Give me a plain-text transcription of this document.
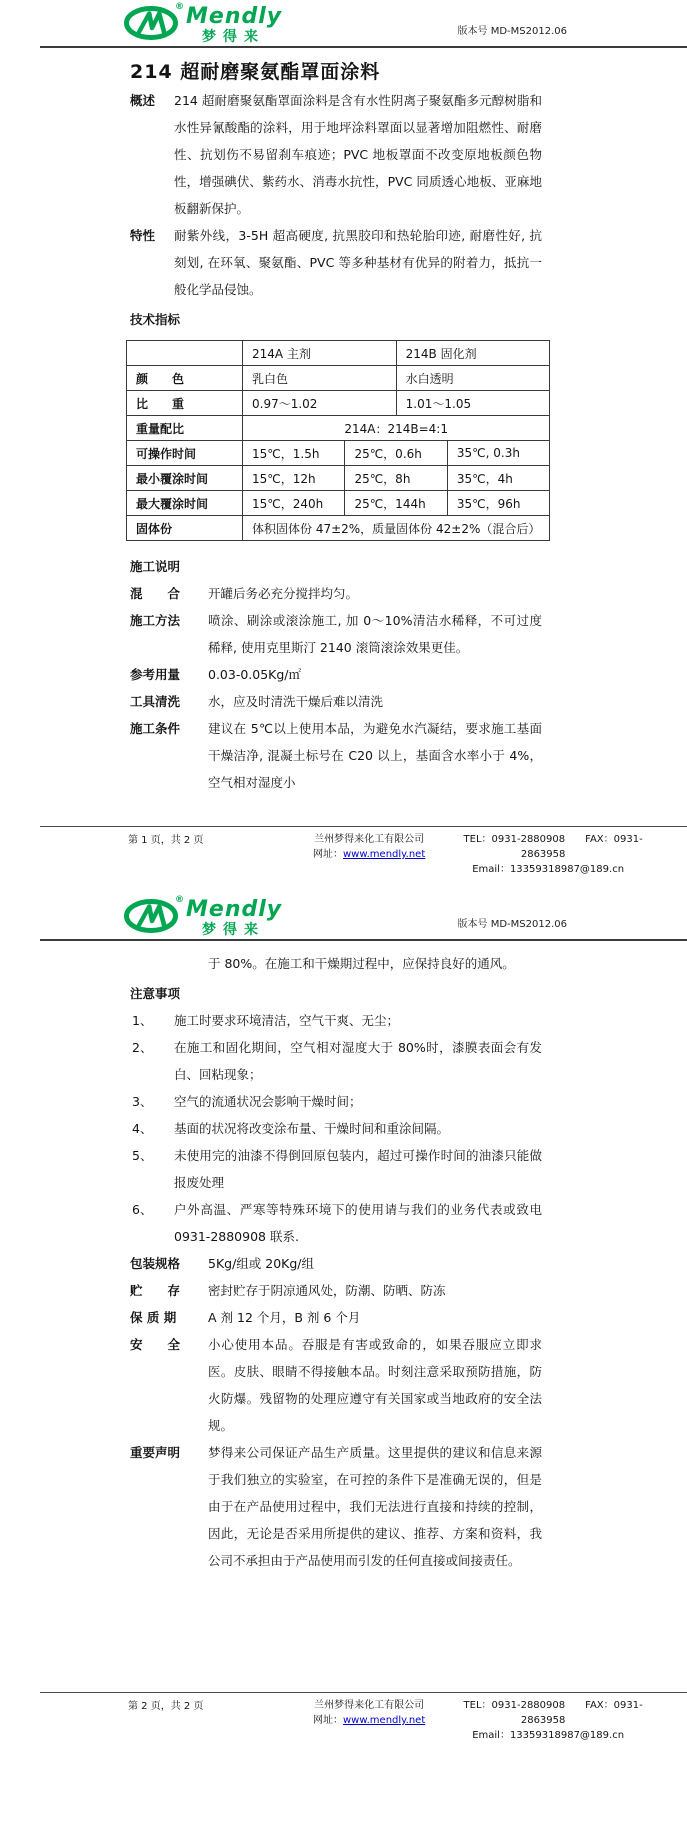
® Mendly
梦得来	版本号 MD-MS2012.06
214 超耐磨聚氨酯罩面涂料
概述	214 超耐磨聚氨酯罩面涂料是含有水性阴离子聚氨酯多元醇树脂和水性异氰酸酯的涂料，用于地坪涂料罩面以显著增加阻燃性、耐磨性、抗划伤不易留刹车痕迹；PVC 地板罩面不改变原地板颜色物性，增强碘伏、紫药水、消毒水抗性，PVC 同质透心地板、亚麻地板翻新保护。
特性	耐紫外线，3-5H 超高硬度, 抗黑胶印和热轮胎印迹, 耐磨性好, 抗刻划, 在环氧、聚氨酯、PVC 等多种基材有优异的附着力，抵抗一般化学品侵蚀。
技术指标
	214A 主剂		214B 固化剂	
颜　　色	乳白色		水白透明	
比　　重	0.97～1.02		1.01～1.05	
重量配比	214A：214B=4:1			
可操作时间	15℃，1.5h	25℃，0.6h		35℃, 0.3h
最小覆涂时间	15℃，12h	25℃，8h		35℃，4h
最大覆涂时间	15℃，240h	25℃，144h		35℃，96h
固体份	体积固体份 47±2%，质量固体份 42±2%（混合后）			
施工说明
混　　合	开罐后务必充分搅拌均匀。
施工方法	喷涂、刷涂或滚涂施工, 加 0～10%清洁水稀释，不可过度稀释, 使用克里斯汀 2140 滚筒滚涂效果更佳。
参考用量	0.03-0.05Kg/㎡
工具清洗	水，应及时清洗干燥后难以清洗
施工条件	建议在 5℃以上使用本品，为避免水汽凝结，要求施工基面干燥洁净, 混凝土标号在 C20 以上，基面含水率小于 4%，空气相对湿度小
第 1 页，共 2 页	兰州梦得来化工有限公司
网址：www.mendly.net
TEL：0931-2880908 FAX：0931-2863958
Email：13359318987@189.cn
® Mendly
梦得来	版本号 MD-MS2012.06
于 80%。在施工和干燥期过程中，应保持良好的通风。
注意事项
1、	施工时要求环境清洁，空气干爽、无尘；
2、	在施工和固化期间，空气相对湿度大于 80%时，漆膜表面会有发白、回粘现象；
3、	空气的流通状况会影响干燥时间；
4、	基面的状况将改变涂布量、干燥时间和重涂间隔。
5、	未使用完的油漆不得倒回原包装内，超过可操作时间的油漆只能做报废处理
6、	户外高温、严寒等特殊环境下的使用请与我们的业务代表或致电 0931-2880908 联系.
包装规格	5Kg/组或 20Kg/组
贮　　存	密封贮存于阴凉通风处，防潮、防晒、防冻
保 质 期	A 剂 12 个月，B 剂 6 个月
安　　全	小心使用本品。吞服是有害或致命的，如果吞服应立即求医。皮肤、眼睛不得接触本品。时刻注意采取预防措施，防火防爆。残留物的处理应遵守有关国家或当地政府的安全法规。
重要声明	梦得来公司保证产品生产质量。这里提供的建议和信息来源于我们独立的实验室，在可控的条件下是准确无误的，但是由于在产品使用过程中，我们无法进行直接和持续的控制，因此，无论是否采用所提供的建议、推荐、方案和资料，我公司不承担由于产品使用而引发的任何直接或间接责任。
第 2 页，共 2 页	兰州梦得来化工有限公司
网址：www.mendly.net
TEL：0931-2880908 FAX：0931-2863958
Email：13359318987@189.cn
